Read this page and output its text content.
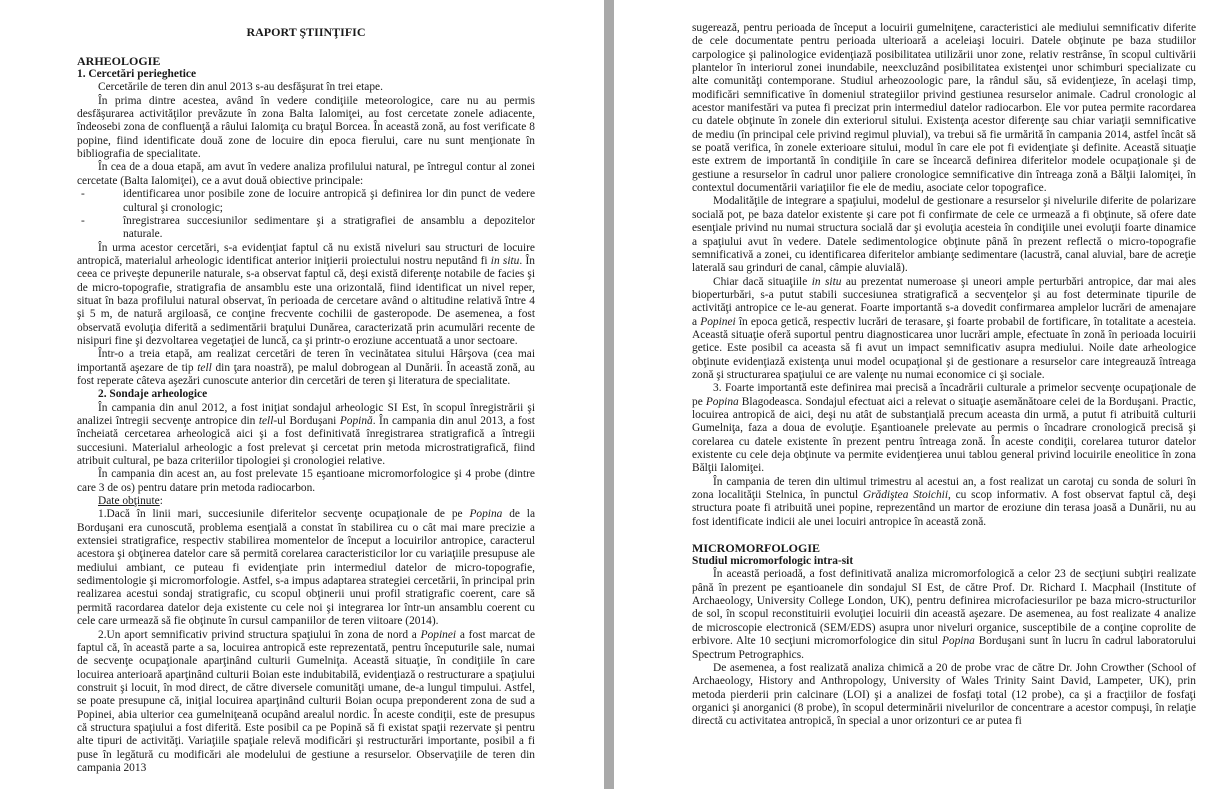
RAPORT ŞTIINŢIFIC

ARHEOLOGIE

1. Cercetări perieghetice

Cercetările de teren din anul 2013 s-au desfăşurat în trei etape.

În prima dintre acestea, având în vedere condiţiile meteorologice, care nu au permis desfăşurarea activităţilor prevăzute în zona Balta Ialomiţei, au fost cercetate zonele adiacente, îndeosebi zona de confluenţă a râului Ialomiţa cu braţul Borcea. În această zonă, au fost verificate 8 popine, fiind identificate două zone de locuire din epoca fierului, care nu sunt menţionate în bibliografia de specialitate.

În cea de a doua etapă, am avut în vedere analiza profilului natural, pe întregul contur al zonei cercetate (Balta Ialomiţei), ce a avut două obiective principale:

- identificarea unor posibile zone de locuire antropică şi definirea lor din punct de vedere cultural şi cronologic;
- înregistrarea succesiunilor sedimentare şi a stratigrafiei de ansamblu a depozitelor naturale.

În urma acestor cercetări, s-a evidenţiat faptul că nu există niveluri sau structuri de locuire antropică, materialul arheologic identificat anterior iniţierii proiectului nostru neputând fi in situ. În ceea ce priveşte depunerile naturale, s-a observat faptul că, deşi există diferenţe notabile de facies şi de micro-topografie, stratigrafia de ansamblu este una orizontală, fiind identificat un nivel reper, situat în baza profilului natural observat, în perioada de cercetare având o altitudine relativă între 4 şi 5 m, de natură argiloasă, ce conţine frecvente cochilii de gasteropode. De asemenea, a fost observată evoluţia diferită a sedimentării braţului Dunărea, caracterizată prin acumulări recente de nisipuri fine şi dezvoltarea vegetaţiei de luncă, ca şi printr-o eroziune accentuată a unor sectoare.

Într-o a treia etapă, am realizat cercetări de teren în vecinătatea sitului Hârşova (cea mai importantă aşezare de tip tell din ţara noastră), pe malul dobrogean al Dunării. În această zonă, au fost reperate câteva aşezări cunoscute anterior din cercetări de teren şi literatura de specialitate.

2. Sondaje arheologice

În campania din anul 2012, a fost iniţiat sondajul arheologic SI Est, în scopul înregistrării şi analizei întregii secvenţe antropice din tell-ul Borduşani Popină. În campania din anul 2013, a fost încheiată cercetarea arheologică aici şi a fost definitivată înregistrarea stratigrafică a întregii succesiuni. Materialul arheologic a fost prelevat şi cercetat prin metoda microstratigrafică, fiind atribuit cultural, pe baza criteriilor tipologiei şi cronologiei relative.

În campania din acest an, au fost prelevate 15 eşantioane micromorfologice şi 4 probe (dintre care 3 de os) pentru datare prin metoda radiocarbon.

Date obţinute:

1.Dacă în linii mari, succesiunile diferitelor secvenţe ocupaţionale de pe Popina de la Borduşani era cunoscută, problema esenţială a constat în stabilirea cu o cât mai mare precizie a extensiei stratigrafice, respectiv stabilirea momentelor de început a locuirilor antropice, caracterul acestora şi obţinerea datelor care să permită corelarea caracteristicilor lor cu variaţiile presupuse ale mediului ambiant, ce puteau fi evidenţiate prin intermediul datelor de micro-topografie, sedimentologie şi micromorfologie. Astfel, s-a impus adaptarea strategiei cercetării, în principal prin realizarea acestui sondaj stratigrafic, cu scopul obţinerii unui profil stratigrafic coerent, care să permită racordarea datelor deja existente cu cele noi şi integrarea lor într-un ansamblu coerent cu cele care urmează să fie obţinute în cursul campaniilor de teren viitoare (2014).

2.Un aport semnificativ privind structura spaţiului în zona de nord a Popinei a fost marcat de faptul că, în această parte a sa, locuirea antropică este reprezentată, pentru începuturile sale, numai de secvenţe ocupaţionale aparţinând culturii Gumelniţa. Această situaţie, în condiţiile în care locuirea anterioară aparţinând culturii Boian este indubitabilă, evidenţiază o restructurare a spaţiului construit şi locuit, în mod direct, de către diversele comunităţi umane, de-a lungul timpului. Astfel, se poate presupune că, iniţial locuirea aparţinând culturii Boian ocupa preponderent zona de sud a Popinei, abia ulterior cea gumelniţeană ocupând arealul nordic. În aceste condiţii, este de presupus că structura spaţiului a fost diferită. Este posibil ca pe Popină să fi existat spaţii rezervate şi pentru alte tipuri de activităţi. Variaţiile spaţiale relevă modificări şi restructurări importante, posibil a fi puse în legătură cu modificări ale modelului de gestiune a resurselor. Observaţiile de teren din campania 2013

sugerează, pentru perioada de început a locuirii gumelniţene, caracteristici ale mediului semnificativ diferite de cele documentate pentru perioada ulterioară a aceleiaşi locuiri. Datele obţinute pe baza studiilor carpologice şi palinologice evidenţiază posibilitatea utilizării unor zone, relativ restrânse, în scopul cultivării plantelor în interiorul zonei inundabile, neexcluzând posibilitatea existenţei unor schimburi specializate cu alte comunităţi contemporane. Studiul arheozoologic pare, la rândul său, să evidenţieze, în acelaşi timp, modificări semnificative în domeniul strategiilor privind gestiunea resurselor animale. Cadrul cronologic al acestor manifestări va putea fi precizat prin intermediul datelor radiocarbon. Ele vor putea permite racordarea cu datele obţinute în zonele din exteriorul sitului. Existenţa acestor diferenţe sau chiar variaţii semnificative de mediu (în principal cele privind regimul pluvial), va trebui să fie urmărită în campania 2014, astfel încât să se poată verifica, în zonele exterioare sitului, modul în care ele pot fi evidenţiate şi definite. Această situaţie este extrem de importantă în condiţiile în care se încearcă definirea diferitelor modele ocupaţionale şi de gestiune a resurselor în cadrul unor paliere cronologice semnificative din întreaga zonă a Bălţii Ialomiţei, în contextul documentării variaţiilor fie ele de mediu, asociate celor topografice.

Modalităţile de integrare a spaţiului, modelul de gestionare a resurselor şi nivelurile diferite de polarizare socială pot, pe baza datelor existente şi care pot fi confirmate de cele ce urmează a fi obţinute, să ofere date esenţiale privind nu numai structura socială dar şi evoluţia acesteia în condiţiile unei evoluţii foarte dinamice a spaţiului avut în vedere. Datele sedimentologice obţinute până în prezent reflectă o micro-topografie semnificativă a zonei, cu identificarea diferitelor ambianţe sedimentare (lacustră, canal aluvial, bare de acreţie laterală sau grinduri de canal, câmpie aluvială).

Chiar dacă situaţiile in situ au prezentat numeroase şi uneori ample perturbări antropice, dar mai ales bioperturbări, s-a putut stabili succesiunea stratigrafică a secvenţelor şi au fost determinate tipurile de activităţi antropice ce le-au generat. Foarte importantă s-a dovedit confirmarea amplelor lucrări de amenajare a Popinei în epoca getică, respectiv lucrări de terasare, şi foarte probabil de fortificare, în totalitate a acesteia. Această situaţie oferă suportul pentru diagnosticarea unor lucrări ample, efectuate în zonă în perioada locuirii getice. Este posibil ca aceasta să fi avut un impact semnificativ asupra mediului. Noile date arheologice obţinute evidenţiază existenţa unui model ocupaţional şi de gestionare a resurselor care integreauză întreaga zonă şi structurarea spaţiului ce are valenţe nu numai economice ci şi sociale.

3. Foarte importantă este definirea mai precisă a încadrării culturale a primelor secvenţe ocupaţionale de pe Popina Blagodeasca. Sondajul efectuat aici a relevat o situaţie asemănătoare celei de la Borduşani. Practic, locuirea antropică de aici, deşi nu atât de substanţială precum aceasta din urmă, a putut fi atribuită culturii Gumelniţa, faza a doua de evoluţie. Eşantioanele prelevate au permis o încadrare cronologică precisă şi corelarea cu datele existente în prezent pentru întreaga zonă. În aceste condiţii, corelarea tuturor datelor existente cu cele deja obţinute va permite evidenţierea unui tablou general privind locuirile eneolitice în zona Bălţii Ialomiţei.

În campania de teren din ultimul trimestru al acestui an, a fost realizat un carotaj cu sonda de soluri în zona localităţii Stelnica, în punctul Grădiştea Stoichii, cu scop informativ. A fost observat faptul că, deşi structura poate fi atribuită unei popine, reprezentând un martor de eroziune din terasa joasă a Dunării, nu au fost identificate indicii ale unei locuiri antropice în această zonă.

MICROMORFOLOGIE

Studiul micromorfologic intra-sit

În această perioadă, a fost definitivată analiza micromorfologică a celor 23 de secţiuni subţiri realizate până în prezent pe eşantioanele din sondajul SI Est, de către Prof. Dr. Richard I. Macphail (Institute of Archaeology, University College London, UK), pentru definirea microfaciesurilor pe baza micro-structurilor de sol, în scopul reconstituirii evoluţiei locuirii din această aşezare. De asemenea, au fost realizate 4 analize de microscopie electronică (SEM/EDS) asupra unor niveluri organice, susceptibile de a conţine coprolite de erbivore. Alte 10 secţiuni micromorfologice din situl Popina Borduşani sunt în lucru în cadrul laboratorului Spectrum Petrographics.

De asemenea, a fost realizată analiza chimică a 20 de probe vrac de către Dr. John Crowther (School of Archaeology, History and Anthropology, University of Wales Trinity Saint David, Lampeter, UK), prin metoda pierderii prin calcinare (LOI) şi a analizei de fosfaţi total (12 probe), ca şi a fracţiilor de fosfaţi organici şi anorganici (8 probe), în scopul determinării nivelurilor de concentrare a acestor compuşi, în relaţie directă cu activitatea antropică, în special a unor orizonturi ce ar putea fi
